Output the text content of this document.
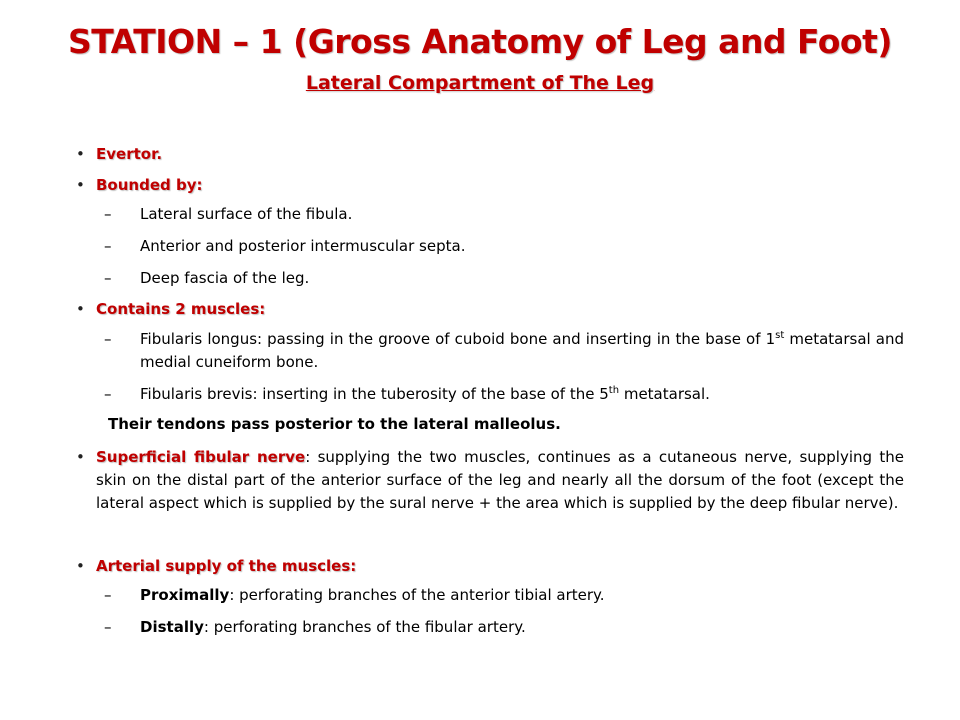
STATION – 1 (Gross Anatomy of Leg and Foot)
Lateral Compartment of The Leg
• Evertor.
• Bounded by:
– Lateral surface of the fibula.
– Anterior and posterior intermuscular septa.
– Deep fascia of the leg.
• Contains 2 muscles:
– Fibularis longus: passing in the groove of cuboid bone and inserting in the base of 1st metatarsal and medial cuneiform bone.
– Fibularis brevis: inserting in the tuberosity of the base of the 5th metatarsal.
Their tendons pass posterior to the lateral malleolus.
• Superficial fibular nerve: supplying the two muscles, continues as a cutaneous nerve, supplying the skin on the distal part of the anterior surface of the leg and nearly all the dorsum of the foot (except the lateral aspect which is supplied by the sural nerve + the area which is supplied by the deep fibular nerve).
• Arterial supply of the muscles:
– Proximally: perforating branches of the anterior tibial artery.
– Distally: perforating branches of the fibular artery.
